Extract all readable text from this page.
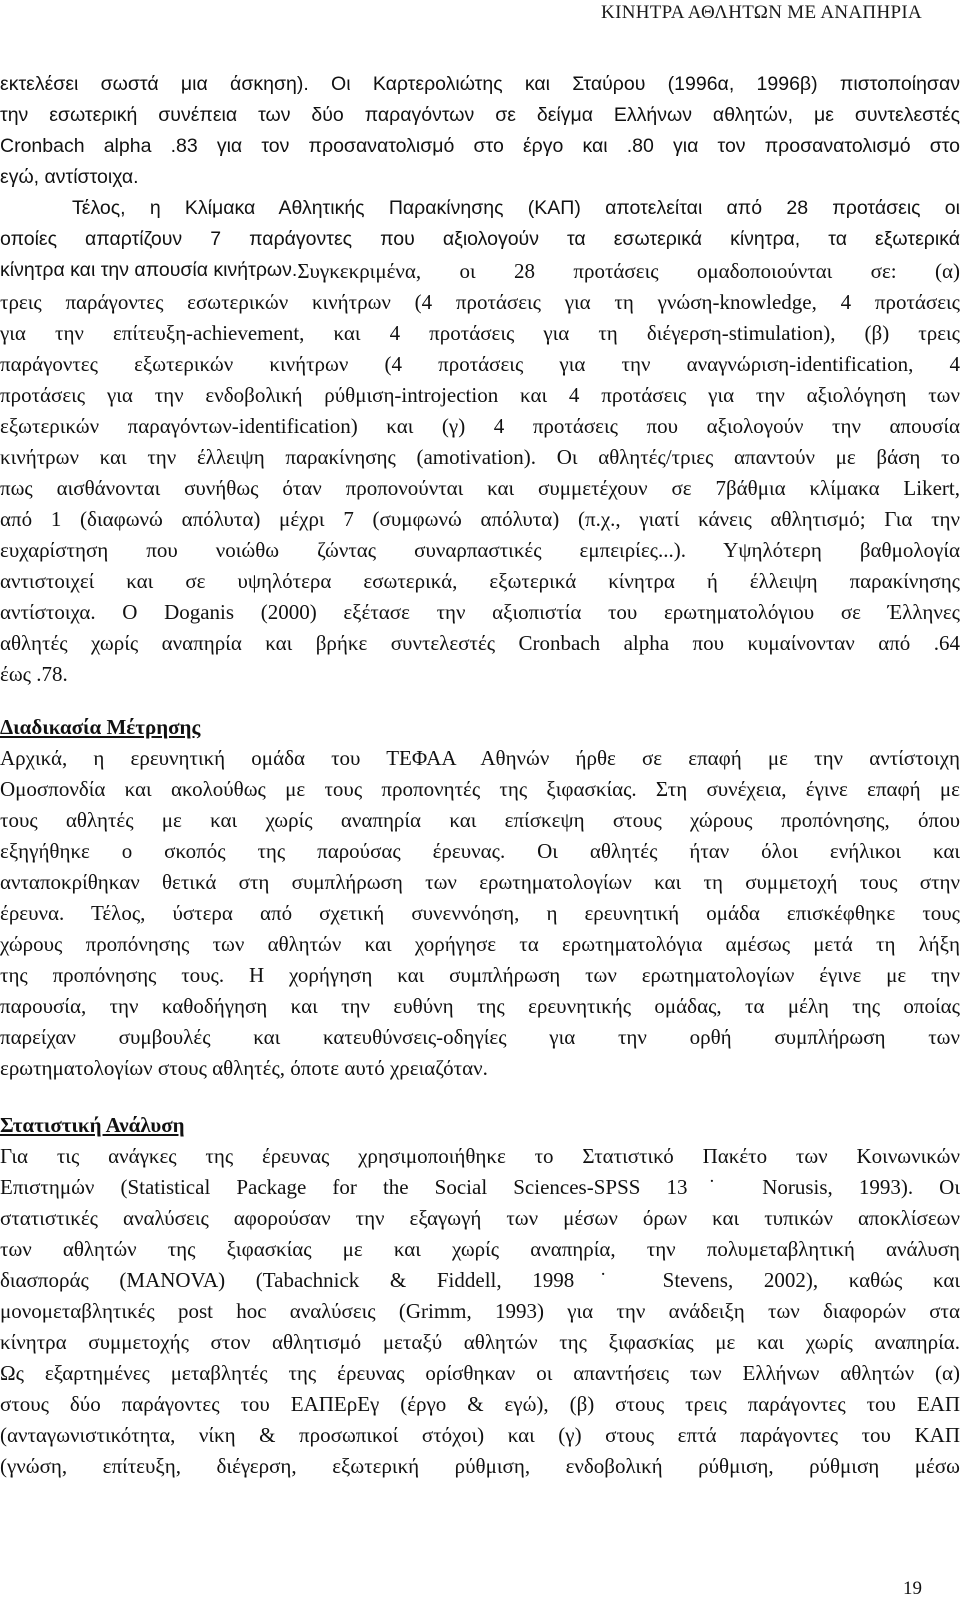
ΚΙΝΗΤΡΑ ΑΘΛΗΤΩΝ ΜΕ ΑΝΑΠΗΡΙΑ
εκτελέσει σωστά μια άσκηση). Οι Καρτερολιώτης και Σταύρου (1996α, 1996β) πιστοποίησαν
την εσωτερική συνέπεια των δύο παραγόντων σε δείγμα Ελλήνων αθλητών, με συντελεστές
Cronbach alpha .83 για τον προσανατολισμό στο έργο και .80 για τον προσανατολισμό στο
εγώ, αντίστοιχα.
Τέλος, η Κλίμακα Αθλητικής Παρακίνησης (ΚΑΠ) αποτελείται από 28 προτάσεις οι
οποίες απαρτίζουν 7 παράγοντες που αξιολογούν τα εσωτερικά κίνητρα, τα εξωτερικά
κίνητρα και την απουσία κινήτρων. Συγκεκριμένα, οι 28 προτάσεις ομαδοποιούνται σε: (α)
τρεις παράγοντες εσωτερικών κινήτρων (4 προτάσεις για τη γνώση-knowledge, 4 προτάσεις
για την επίτευξη-achievement, και 4 προτάσεις για τη διέγερση-stimulation), (β) τρεις
παράγοντες εξωτερικών κινήτρων (4 προτάσεις για την αναγνώριση-identification, 4
προτάσεις για την ενδοβολική ρύθμιση-introjection και 4 προτάσεις για την αξιολόγηση των
εξωτερικών παραγόντων-identification) και (γ) 4 προτάσεις που αξιολογούν την απουσία
κινήτρων και την έλλειψη παρακίνησης (amotivation). Οι αθλητές/τριες απαντούν με βάση το
πως αισθάνονται συνήθως όταν προπονούνται και συμμετέχουν σε 7βάθμια κλίμακα Likert,
από 1 (διαφωνώ απόλυτα) μέχρι 7 (συμφωνώ απόλυτα) (π.χ., γιατί κάνεις αθλητισμό; Για την
ευχαρίστηση που νοιώθω ζώντας συναρπαστικές εμπειρίες...). Υψηλότερη βαθμολογία
αντιστοιχεί και σε υψηλότερα εσωτερικά, εξωτερικά κίνητρα ή έλλειψη παρακίνησης
αντίστοιχα. Ο Doganis (2000) εξέτασε την αξιοπιστία του ερωτηματολόγιου σε Έλληνες
αθλητές χωρίς αναπηρία και βρήκε συντελεστές Cronbach alpha που κυμαίνονταν από .64
έως .78.
Διαδικασία Μέτρησης
Αρχικά, η ερευνητική ομάδα του ΤΕΦΑΑ Αθηνών ήρθε σε επαφή με την αντίστοιχη
Ομοσπονδία και ακολούθως με τους προπονητές της ξιφασκίας. Στη συνέχεια, έγινε επαφή με
τους αθλητές με και χωρίς αναπηρία και επίσκεψη στους χώρους προπόνησης, όπου
εξηγήθηκε ο σκοπός της παρούσας έρευνας. Οι αθλητές ήταν όλοι ενήλικοι και
ανταποκρίθηκαν θετικά στη συμπλήρωση των ερωτηματολογίων και τη συμμετοχή τους στην
έρευνα. Τέλος, ύστερα από σχετική συνεννόηση, η ερευνητική ομάδα επισκέφθηκε τους
χώρους προπόνησης των αθλητών και χορήγησε τα ερωτηματολόγια αμέσως μετά τη λήξη
της προπόνησης τους. Η χορήγηση και συμπλήρωση των ερωτηματολογίων έγινε με την
παρουσία, την καθοδήγηση και την ευθύνη της ερευνητικής ομάδας, τα μέλη της οποίας
παρείχαν συμβουλές και κατευθύνσεις-οδηγίες για την ορθή συμπλήρωση των
ερωτηματολογίων στους αθλητές, όποτε αυτό χρειαζόταν.
Στατιστική Ανάλυση
Για τις ανάγκες της έρευνας χρησιμοποιήθηκε το Στατιστικό Πακέτο των Κοινωνικών
Επιστημών (Statistical Package for the Social Sciences-SPSS 13˙ Norusis, 1993). Οι
στατιστικές αναλύσεις αφορούσαν την εξαγωγή των μέσων όρων και τυπικών αποκλίσεων
των αθλητών της ξιφασκίας με και χωρίς αναπηρία, την πολυμεταβλητική ανάλυση
διασποράς (MANOVA) (Tabachnick & Fiddell, 1998˙ Stevens, 2002), καθώς και
μονομεταβλητικές post hoc αναλύσεις (Grimm, 1993) για την ανάδειξη των διαφορών στα
κίνητρα συμμετοχής στον αθλητισμό μεταξύ αθλητών της ξιφασκίας με και χωρίς αναπηρία.
Ως εξαρτημένες μεταβλητές της έρευνας ορίσθηκαν οι απαντήσεις των Ελλήνων αθλητών (α)
στους δύο παράγοντες του ΕΑΠΕρΕγ (έργο & εγώ), (β) στους τρεις παράγοντες του ΕΑΠ
(ανταγωνιστικότητα, νίκη & προσωπικοί στόχοι) και (γ) στους επτά παράγοντες του ΚΑΠ
(γνώση, επίτευξη, διέγερση, εξωτερική ρύθμιση, ενδοβολική ρύθμιση, ρύθμιση μέσω
19
